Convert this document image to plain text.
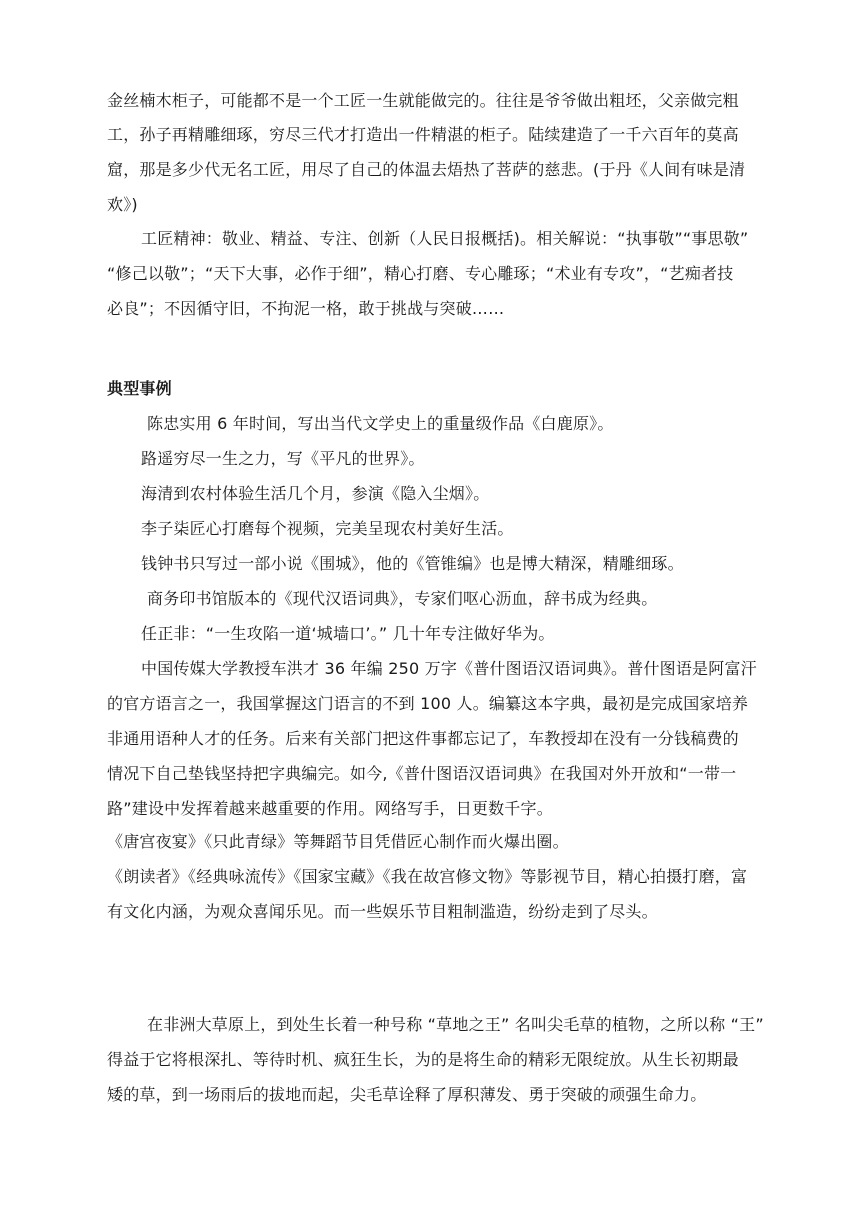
金丝楠木柜子，可能都不是一个工匠一生就能做完的。往往是爷爷做出粗坯，父亲做完粗
工，孙子再精雕细琢，穷尽三代才打造出一件精湛的柜子。陆续建造了一千六百年的莫高
窟，那是多少代无名工匠，用尽了自己的体温去焐热了菩萨的慈悲。(于丹《人间有味是清
欢》)
工匠精神：敬业、精益、专注、创新（人民日报概括)。相关解说：“执事敬”“事思敬”
“修己以敬”；“天下大事，必作于细”，精心打磨、专心雕琢；“术业有专攻”，“艺痴者技
必良”；不因循守旧，不拘泥一格，敢于挑战与突破……
典型事例
陈忠实用 6 年时间，写出当代文学史上的重量级作品《白鹿原》。
路遥穷尽一生之力，写《平凡的世界》。
海清到农村体验生活几个月，参演《隐入尘烟》。
李子柒匠心打磨每个视频，完美呈现农村美好生活。
钱钟书只写过一部小说《围城》，他的《管锥编》也是博大精深，精雕细琢。
商务印书馆版本的《现代汉语词典》，专家们呕心沥血，辞书成为经典。
任正非：“一生攻陷一道‘城墙口’。” 几十年专注做好华为。
中国传媒大学教授车洪才 36 年编 250 万字《普什图语汉语词典》。普什图语是阿富汗
的官方语言之一，我国掌握这门语言的不到 100 人。编纂这本字典，最初是完成国家培养
非通用语种人才的任务。后来有关部门把这件事都忘记了，车教授却在没有一分钱稿费的
情况下自己垫钱坚持把字典编完。如今,《普什图语汉语词典》在我国对外开放和“一带一
路”建设中发挥着越来越重要的作用。网络写手，日更数千字。
《唐宫夜宴》《只此青绿》等舞蹈节目凭借匠心制作而火爆出圈。
《朗读者》《经典咏流传》《国家宝藏》《我在故宫修文物》等影视节目，精心拍摄打磨，富
有文化内涵，为观众喜闻乐见。而一些娱乐节目粗制滥造，纷纷走到了尽头。
在非洲大草原上，到处生长着一种号称 “草地之王” 名叫尖毛草的植物，之所以称 “王”
得益于它将根深扎、等待时机、疯狂生长，为的是将生命的精彩无限绽放。从生长初期最
矮的草，到一场雨后的拔地而起，尖毛草诠释了厚积薄发、勇于突破的顽强生命力。
